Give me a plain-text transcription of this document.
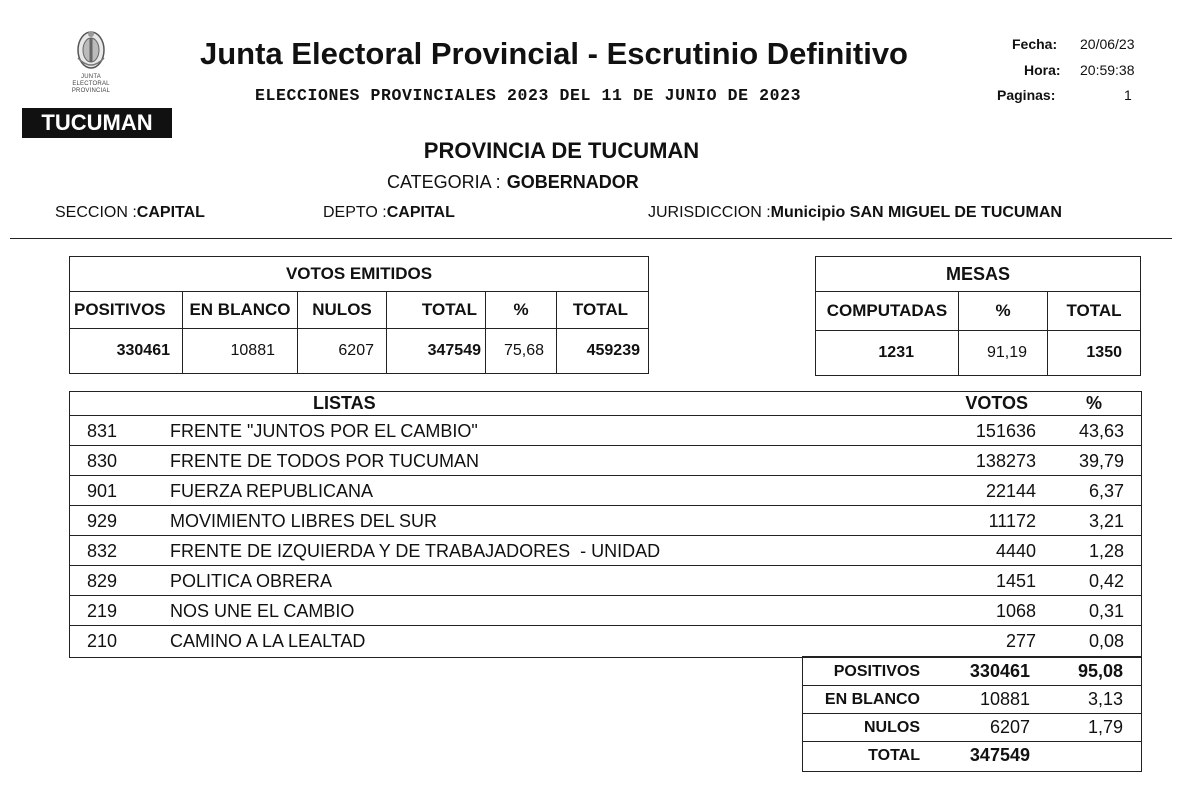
JUNTA ELECTORAL PROVINCIAL
TUCUMAN
Junta Electoral Provincial - Escrutinio Definitivo
ELECCIONES PROVINCIALES 2023 DEL 11 DE JUNIO DE 2023
Fecha: 20/06/23
Hora: 20:59:38
Paginas:	1
PROVINCIA DE TUCUMAN
CATEGORIA : GOBERNADOR
SECCION :CAPITAL	DEPTO :CAPITAL	JURISDICCION :Municipio SAN MIGUEL DE TUCUMAN
VOTOS EMITIDOS					
POSITIVOS	EN BLANCO	NULOS	TOTAL	%	TOTAL
330461	10881	6207	347549	75,68	459239
MESAS		
COMPUTADAS	%	TOTAL
1231	91,19	1350
LISTAS	VOTOS	%
831	FRENTE "JUNTOS POR EL CAMBIO"	151636 43,63
830	FRENTE DE TODOS POR TUCUMAN	138273 39,79
901	FUERZA REPUBLICANA	22144	6,37
929	MOVIMIENTO LIBRES DEL SUR	11172	3,21
832	FRENTE DE IZQUIERDA Y DE TRABAJADORES  - UNIDAD	4440	1,28
829	POLITICA OBRERA	1451	0,42
219	NOS UNE EL CAMBIO	1068	0,31
210	CAMINO A LA LEALTAD	277	0,08
POSITIVOS	330461	95,08
EN BLANCO	10881	3,13
NULOS	6207	1,79
TOTAL	347549
